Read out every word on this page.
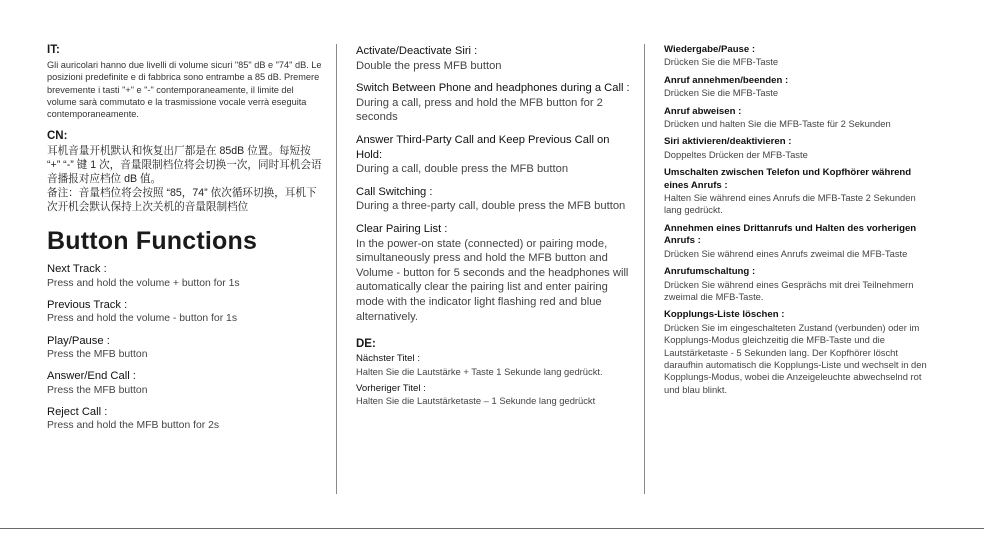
IT:

Gli auricolari hanno due livelli di volume sicuri "85" dB e "74" dB. Le posizioni predefinite e di fabbrica sono entrambe a 85 dB. Premere brevemente i tasti "+" e "-" contemporaneamente, il limite del volume sarà commutato e la trasmissione vocale verrà eseguita contemporaneamente.

CN:

耳机音量开机默认和恢复出厂都是在 85dB 位置。每短按 “+” “-” 键 1 次，音量限制档位将会切换一次，同时耳机会语音播报对应档位 dB 值。

备注：音量档位将会按照 “85，74” 依次循环切换，耳机下次开机会默认保持上次关机的音量限制档位

Button Functions
Next Track :
Press and hold the volume + button for 1s
Previous Track :
Press and hold the volume - button for 1s
Play/Pause :
Press the MFB button
Answer/End Call :
Press the MFB button
Reject Call :
Press and hold the MFB button for 2s
Activate/Deactivate Siri :
Double the press MFB button
Switch Between Phone and headphones during a Call :
During a call, press and hold the MFB button for 2 seconds
Answer Third-Party Call and Keep Previous Call on Hold:
During a call, double press the MFB button
Call Switching :
During a three-party call, double press the MFB button
Clear Pairing List :
In the power-on state (connected) or pairing mode, simultaneously press and hold the MFB button and Volume - button for 5 seconds and the headphones will automatically clear the pairing list and enter pairing mode with the indicator light flashing red and blue alternatively.
DE:
Nächster Titel :
Halten Sie die Lautstärke + Taste 1 Sekunde lang gedrückt.
Vorheriger Titel :
Halten Sie die Lautstärketaste – 1 Sekunde lang gedrückt
Wiedergabe/Pause :
Drücken Sie die MFB-Taste
Anruf annehmen/beenden :
Drücken Sie die MFB-Taste
Anruf abweisen :
Drücken und halten Sie die MFB-Taste für 2 Sekunden
Siri aktivieren/deaktivieren :
Doppeltes Drücken der MFB-Taste
Umschalten zwischen Telefon und Kopfhörer während eines Anrufs :
Halten Sie während eines Anrufs die MFB-Taste 2 Sekunden lang gedrückt.
Annehmen eines Drittanrufs und Halten des vorherigen Anrufs :
Drücken Sie während eines Anrufs zweimal die MFB-Taste
Anrufumschaltung :
Drücken Sie während eines Gesprächs mit drei Teilnehmern zweimal die MFB-Taste.
Kopplungs-Liste löschen :
Drücken Sie im eingeschalteten Zustand (verbunden) oder im Kopplungs-Modus gleichzeitig die MFB-Taste und die Lautstärketaste - 5 Sekunden lang. Der Kopfhörer löscht daraufhin automatisch die Kopplungs-Liste und wechselt in den Kopplungs-Modus, wobei die Anzeigeleuchte abwechselnd rot und blau blinkt.
